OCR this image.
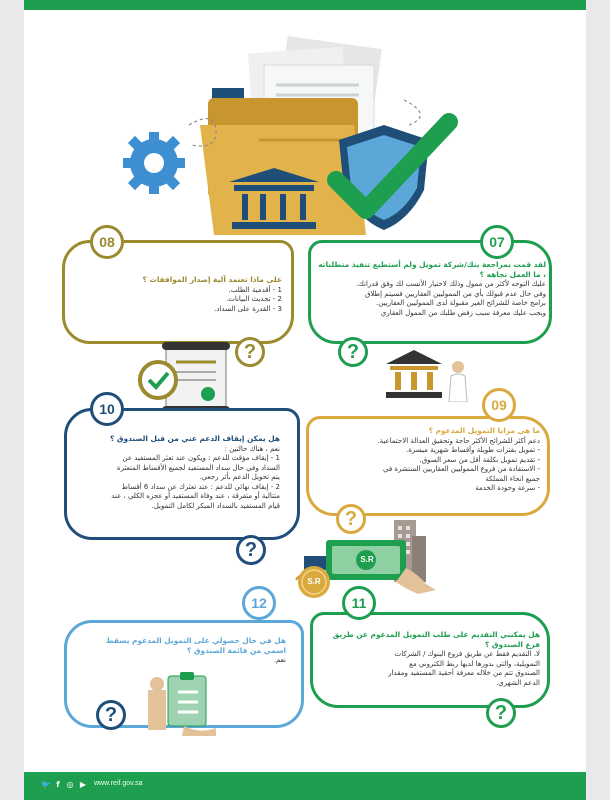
08
على ماذا تعتمد آلية إصدار الموافقات ؟
1 - أقدمية الطلب.
2 - تحديث البيانات.
3 - القدرة على السداد.
?
07
لقد قمت بمراجعة بنك/شركة تمويل ولم أستطيع تنفيذ متطلباته ، ما العمل تجاهه ؟
عليك التوجه لأكثر من ممول وذلك لاختيار الأنسب لك وفق قدراتك.
وفي حال عدم قبولك بأي من المموليين العقاريين فسيتم إطلاق
برامج خاصة للشرائح الغير مقبولة لدى المموليين العقاريين.
ويجب عليك معرفة سبب رفض طلبك من الممول العقاري
?
10
هل يمكن إيقاف الدعم عني من قبل الصندوق ؟
نعم ، هناك حالتين :
1 - إيقاف مؤقت للدعم : ويكون عند تعثر المستفيد عن
السداد وفي حال سداد المستفيد لجميع الأقساط المتعثرة
يتم تحويل الدعم بأثر رجعي.
2 - إيقاف نهائي للدعم : عند تعثرك عن سداد 6 أقساط
متتالية أو متفرقة ، عند وفاة المستفيد أو عجزه الكلي ، عند
قيام المستفيد بالسداد المبكر لكامل التمويل.
?
09
ما هي مزايا التمويل المدعوم ؟
دعم أكثر للشرائح الأكثر حاجة وتحقيق العدالة الاجتماعية.
- تمويل بفترات طويلة وأقساط شهرية ميسرة.
- تقديم تمويل بكلفة أقل من سعر السوق.
- الاستفادة من فروع المموليين العقاريين المنتشرة في
جميع انحاء المملكة
- سرعة وجودة الخدمة
?
S.R
S.R
12
هل في حال حصولي على التمويل المدعوم يسقط اسمي من قائمة الصندوق ؟
نعم.
?
11
هل يمكنني التقديم على طلب التمويل المدعوم عن طريق فرع الصندوق ؟
لا، التقديم فقط عن طريق فروع البنوك / الشركات
التمويلية، والتي بدورها لديها ربط الكتروني مع
الصندوق تتم من خلاله معرفة أحقية المستفيد ومقدار
الدعم الشهري.
?
🐦 f ◎ ▶	www.reif.gov.sa
